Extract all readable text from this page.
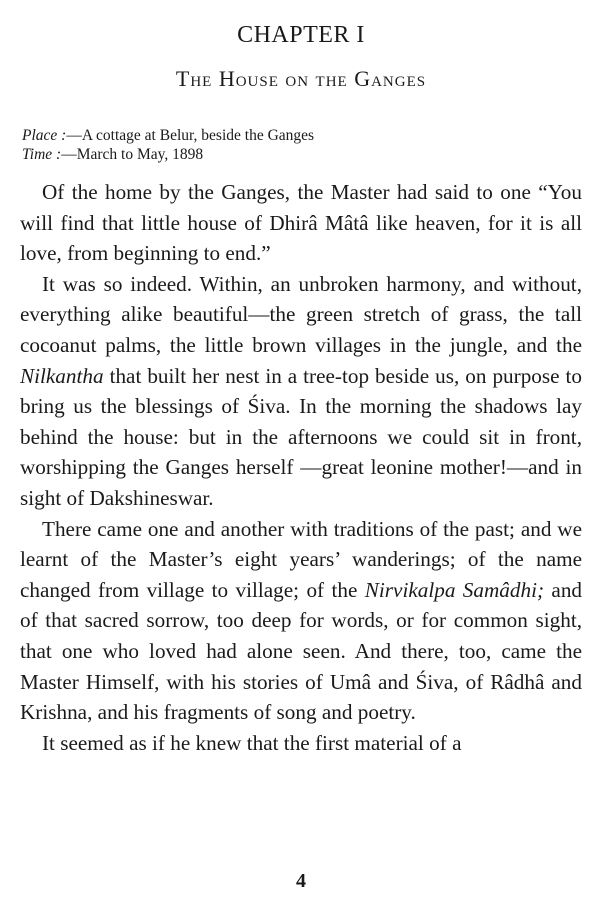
CHAPTER I
The House on the Ganges
Place :—A cottage at Belur, beside the Ganges
Time :—March to May, 1898

Of the home by the Ganges, the Master had said to one “You will find that little house of Dhirâ Mâtâ like heaven, for it is all love, from beginning to end.”

It was so indeed. Within, an unbroken harmony, and without, everything alike beautiful—the green stretch of grass, the tall cocoanut palms, the little brown villages in the jungle, and the Nilkantha that built her nest in a tree-top beside us, on purpose to bring us the blessings of Śiva. In the morning the shadows lay behind the house: but in the afternoons we could sit in front, worshipping the Ganges herself —great leonine mother!—and in sight of Dakshineswar.

There came one and another with traditions of the past; and we learnt of the Master’s eight years’ wanderings; of the name changed from village to village; of the Nirvikalpa Samâdhi; and of that sacred sorrow, too deep for words, or for common sight, that one who loved had alone seen. And there, too, came the Master Himself, with his stories of Umâ and Śiva, of Râdhâ and Krishna, and his fragments of song and poetry.

It seemed as if he knew that the first material of a

4
